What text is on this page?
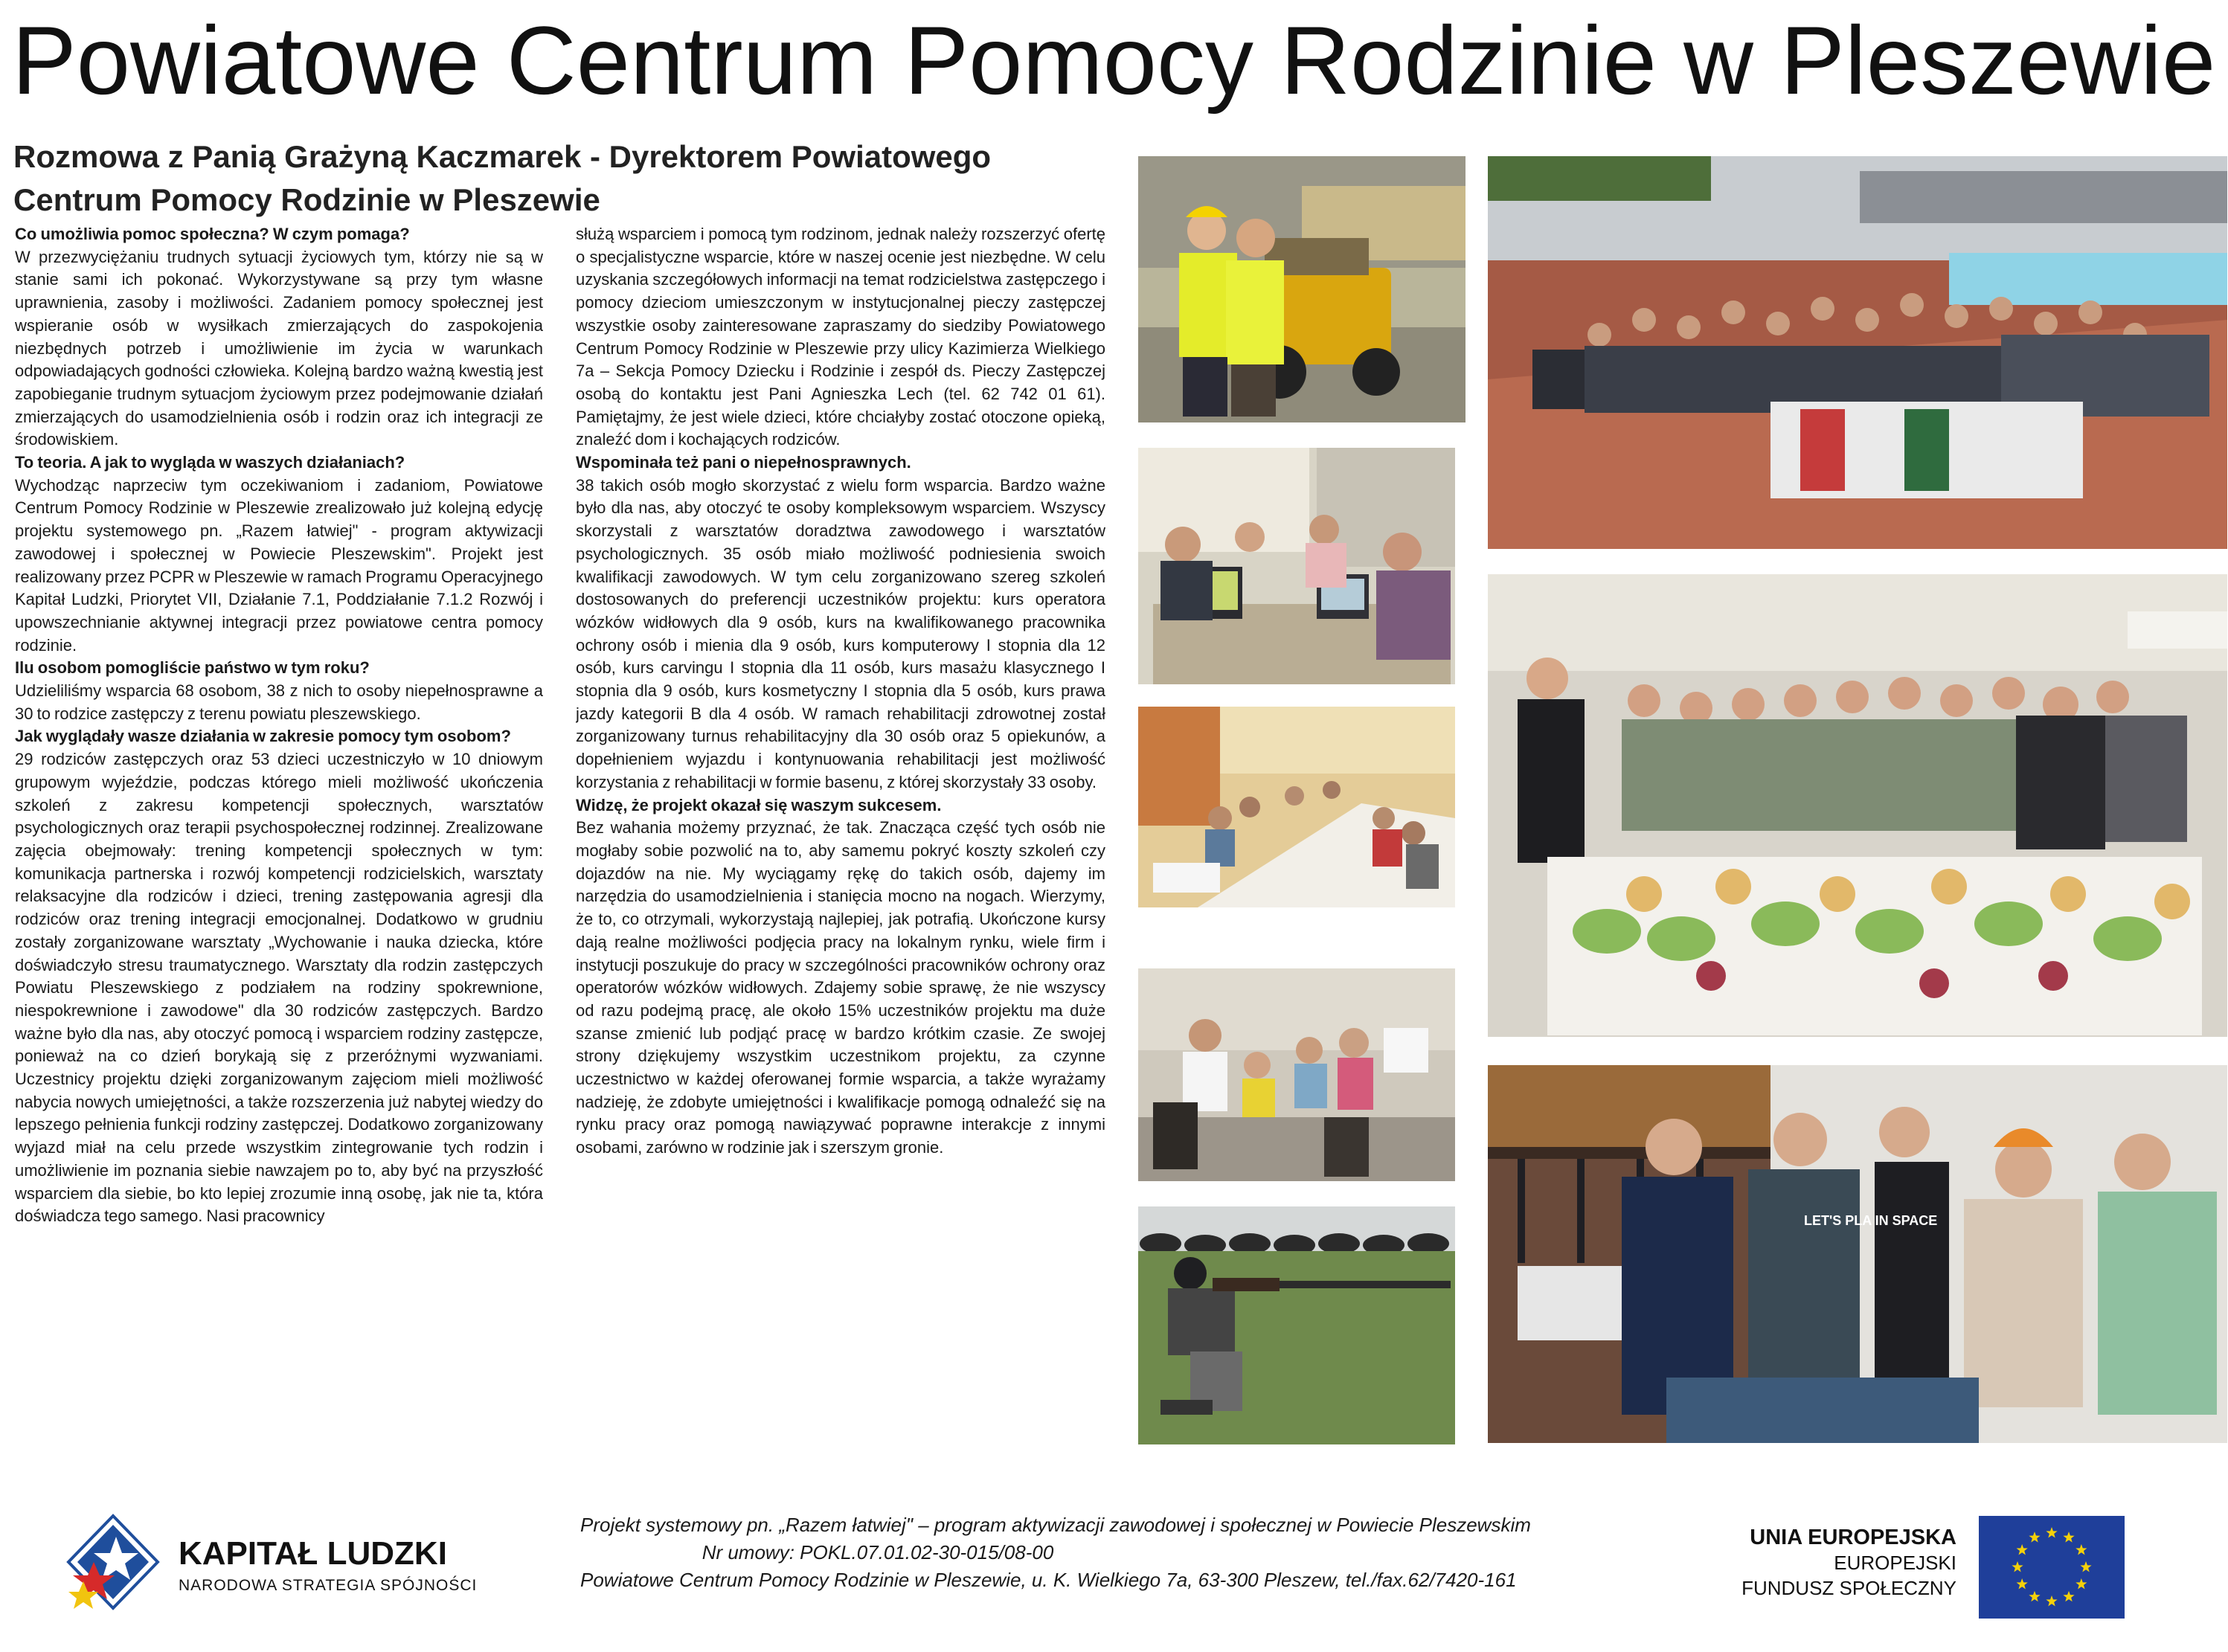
Powiatowe Centrum Pomocy Rodzinie w Pleszewie
Rozmowa z Panią Grażyną Kaczmarek - Dyrektorem Powiatowego
Centrum Pomocy Rodzinie w Pleszewie

Co umożliwia pomoc społeczna? W czym pomaga?

W przezwyciężaniu trudnych sytuacji życiowych tym, którzy nie są w stanie sami ich pokonać. Wykorzystywane są przy tym własne uprawnienia, zasoby i możliwości. Zadaniem pomocy społecznej jest wspieranie osób w wysiłkach zmierzających do zaspokojenia niezbędnych potrzeb i umożliwienie im życia w warunkach odpowiadających godności człowieka. Kolejną bardzo ważną kwestią jest zapobieganie trudnym sytuacjom życiowym przez podejmowanie działań zmierzających do usamodzielnienia osób i rodzin oraz ich integracji ze środowiskiem.

To teoria. A jak to wygląda w waszych działaniach?

Wychodząc naprzeciw tym oczekiwaniom i zadaniom, Powiatowe Centrum Pomocy Rodzinie w Pleszewie zrealizowało już kolejną edycję projektu systemowego pn. „Razem łatwiej" - program aktywizacji zawodowej i społecznej w Powiecie Pleszewskim". Projekt jest realizowany przez PCPR w Pleszewie w ramach Programu Operacyjnego Kapitał Ludzki, Priorytet VII, Działanie 7.1, Poddziałanie 7.1.2 Rozwój i upowszechnianie aktywnej integracji przez powiatowe centra pomocy rodzinie.

Ilu osobom pomogliście państwo w tym roku?

Udzieliliśmy wsparcia 68 osobom, 38 z nich to osoby niepełnosprawne a 30 to rodzice zastępczy z terenu powiatu pleszewskiego.

Jak wyglądały wasze działania w zakresie pomocy tym osobom?

29 rodziców zastępczych oraz 53 dzieci uczestniczyło w 10 dniowym grupowym wyjeździe, podczas którego mieli możliwość ukończenia szkoleń z zakresu kompetencji społecznych, warsztatów psychologicznych oraz terapii psychospołecznej rodzinnej. Zrealizowane zajęcia obejmowały: trening kompetencji społecznych w tym: komunikacja partnerska i rozwój kompetencji rodzicielskich, warsztaty relaksacyjne dla rodziców i dzieci, trening zastępowania agresji dla rodziców oraz trening integracji emocjonalnej. Dodatkowo w grudniu zostały zorganizowane warsztaty „Wychowanie i nauka dziecka, które doświadczyło stresu traumatycznego. Warsztaty dla rodzin zastępczych Powiatu Pleszewskiego z podziałem na rodziny spokrewnione, niespokrewnione i zawodowe" dla 30 rodziców zastępczych. Bardzo ważne było dla nas, aby otoczyć pomocą i wsparciem rodziny zastępcze, ponieważ na co dzień borykają się z przeróżnymi wyzwaniami. Uczestnicy projektu dzięki zorganizowanym zajęciom mieli możliwość nabycia nowych umiejętności, a także rozszerzenia już nabytej wiedzy do lepszego pełnienia funkcji rodziny zastępczej. Dodatkowo zorganizowany wyjazd miał na celu przede wszystkim zintegrowanie tych rodzin i umożliwienie im poznania siebie nawzajem po to, aby być na przyszłość wsparciem dla siebie, bo kto lepiej zrozumie inną osobę, jak nie ta, która doświadcza tego samego. Nasi pracownicy

służą wsparciem i pomocą tym rodzinom, jednak należy rozszerzyć ofertę o specjalistyczne wsparcie, które w naszej ocenie jest niezbędne. W celu uzyskania szczegółowych informacji na temat rodzicielstwa zastępczego i pomocy dzieciom umieszczonym w instytucjonalnej pieczy zastępczej wszystkie osoby zainteresowane zapraszamy do siedziby Powiatowego Centrum Pomocy Rodzinie w Pleszewie przy ulicy Kazimierza Wielkiego 7a – Sekcja Pomocy Dziecku i Rodzinie i zespół ds. Pieczy Zastępczej osobą do kontaktu jest Pani Agnieszka Lech (tel. 62 742 01 61). Pamiętajmy, że jest wiele dzieci, które chciałyby zostać otoczone opieką, znaleźć dom i kochających rodziców.

Wspominała też pani o niepełnosprawnych.

38 takich osób mogło skorzystać z wielu form wsparcia. Bardzo ważne było dla nas, aby otoczyć te osoby kompleksowym wsparciem. Wszyscy skorzystali z warsztatów doradztwa zawodowego i warsztatów psychologicznych. 35 osób miało możliwość podniesienia swoich kwalifikacji zawodowych. W tym celu zorganizowano szereg szkoleń dostosowanych do preferencji uczestników projektu: kurs operatora wózków widłowych dla 9 osób, kurs na kwalifikowanego pracownika ochrony osób i mienia dla 9 osób, kurs komputerowy I stopnia dla 12 osób, kurs carvingu I stopnia dla 11 osób, kurs masażu klasycznego I stopnia dla 9 osób, kurs kosmetyczny I stopnia dla 5 osób, kurs prawa jazdy kategorii B dla 4 osób. W ramach rehabilitacji zdrowotnej został zorganizowany turnus rehabilitacyjny dla 30 osób oraz 5 opiekunów, a dopełnieniem wyjazdu i kontynuowania rehabilitacji jest możliwość korzystania z rehabilitacji w formie basenu, z której skorzystały 33 osoby.

Widzę, że projekt okazał się waszym sukcesem.

Bez wahania możemy przyznać, że tak. Znacząca część tych osób nie mogłaby sobie pozwolić na to, aby samemu pokryć koszty szkoleń czy dojazdów na nie. My wyciągamy rękę do takich osób, dajemy im narzędzia do usamodzielnienia i stanięcia mocno na nogach. Wierzymy, że to, co otrzymali, wykorzystają najlepiej, jak potrafią. Ukończone kursy dają realne możliwości podjęcia pracy na lokalnym rynku, wiele firm i instytucji poszukuje do pracy w szczególności pracowników ochrony oraz operatorów wózków widłowych. Zdajemy sobie sprawę, że nie wszyscy od razu podejmą pracę, ale około 15% uczestników projektu ma duże szanse zmienić lub podjąć pracę w bardzo krótkim czasie. Ze swojej strony dziękujemy wszystkim uczestnikom projektu, za czynne uczestnictwo w każdej oferowanej formie wsparcia, a także wyrażamy nadzieję, że zdobyte umiejętności i kwalifikacje pomogą odnaleźć się na rynku pracy oraz pomogą nawiązywać poprawne interakcje z innymi osobami, zarówno w rodzinie jak i szerszym gronie.

LET'S PLA IN SPACE
KAPITAŁ LUDZKI
NARODOWA STRATEGIA SPÓJNOŚCI
Projekt systemowy pn. „Razem łatwiej" – program aktywizacji zawodowej i społecznej w Powiecie Pleszewskim
Nr umowy: POKL.07.01.02-30-015/08-00
Powiatowe Centrum Pomocy Rodzinie w Pleszewie, u. K. Wielkiego 7a, 63-300 Pleszew, tel./fax.62/7420-161
UNIA EUROPEJSKA
EUROPEJSKI
FUNDUSZ SPOŁECZNY
